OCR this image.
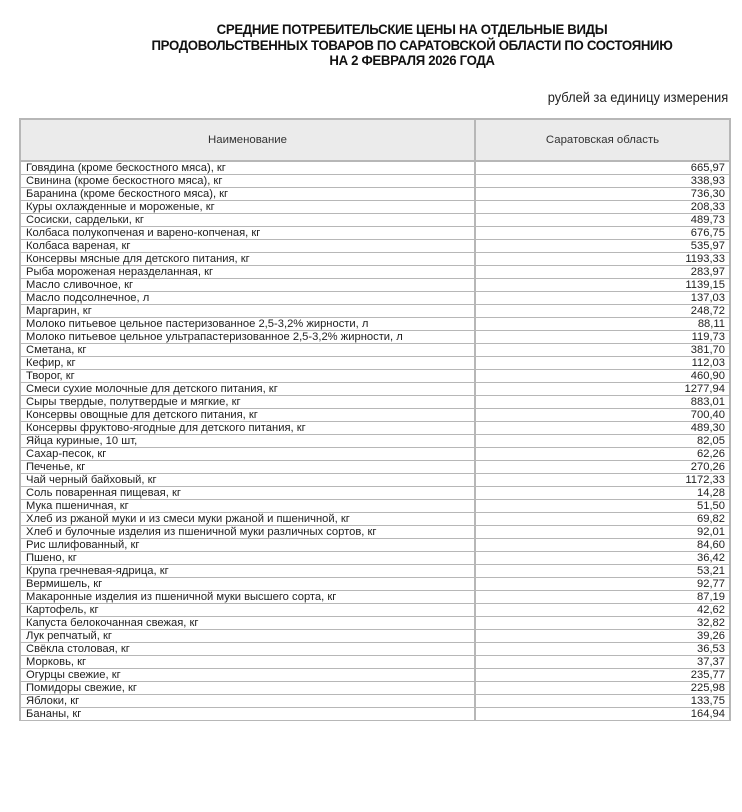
СРЕДНИЕ ПОТРЕБИТЕЛЬСКИЕ ЦЕНЫ НА ОТДЕЛЬНЫЕ ВИДЫ
ПРОДОВОЛЬСТВЕННЫХ ТОВАРОВ ПО САРАТОВСКОЙ ОБЛАСТИ ПО СОСТОЯНИЮ
НА 2 ФЕВРАЛЯ 2026 ГОДА
рублей за единицу измерения
Наименование	Саратовская область
Говядина (кроме бескостного мяса), кг	665,97
Свинина (кроме бескостного мяса), кг	338,93
Баранина (кроме бескостного мяса), кг	736,30
Куры охлажденные и мороженые, кг	208,33
Сосиски, сардельки, кг	489,73
Колбаса полукопченая и варено-копченая, кг	676,75
Колбаса вареная, кг	535,97
Консервы мясные для детского питания, кг	1193,33
Рыба мороженая неразделанная, кг	283,97
Масло сливочное, кг	1139,15
Масло подсолнечное, л	137,03
Маргарин, кг	248,72
Молоко питьевое цельное пастеризованное 2,5-3,2% жирности, л	88,11
Молоко питьевое цельное ультрапастеризованное 2,5-3,2% жирности, л	119,73
Сметана, кг	381,70
Кефир, кг	112,03
Творог, кг	460,90
Смеси сухие молочные для детского питания, кг	1277,94
Сыры твердые, полутвердые и мягкие, кг	883,01
Консервы овощные для детского питания, кг	700,40
Консервы фруктово-ягодные для детского питания, кг	489,30
Яйца куриные, 10 шт,	82,05
Сахар-песок, кг	62,26
Печенье, кг	270,26
Чай черный байховый, кг	1172,33
Соль поваренная пищевая, кг	14,28
Мука пшеничная, кг	51,50
Хлеб из ржаной муки и из смеси муки ржаной и пшеничной, кг	69,82
Хлеб и булочные изделия из пшеничной муки различных сортов, кг	92,01
Рис шлифованный, кг	84,60
Пшено, кг	36,42
Крупа гречневая-ядрица, кг	53,21
Вермишель, кг	92,77
Макаронные изделия из пшеничной муки высшего сорта, кг	87,19
Картофель, кг	42,62
Капуста белокочанная свежая, кг	32,82
Лук репчатый, кг	39,26
Свёкла столовая, кг	36,53
Морковь, кг	37,37
Огурцы свежие, кг	235,77
Помидоры свежие, кг	225,98
Яблоки, кг	133,75
Бананы, кг	164,94
